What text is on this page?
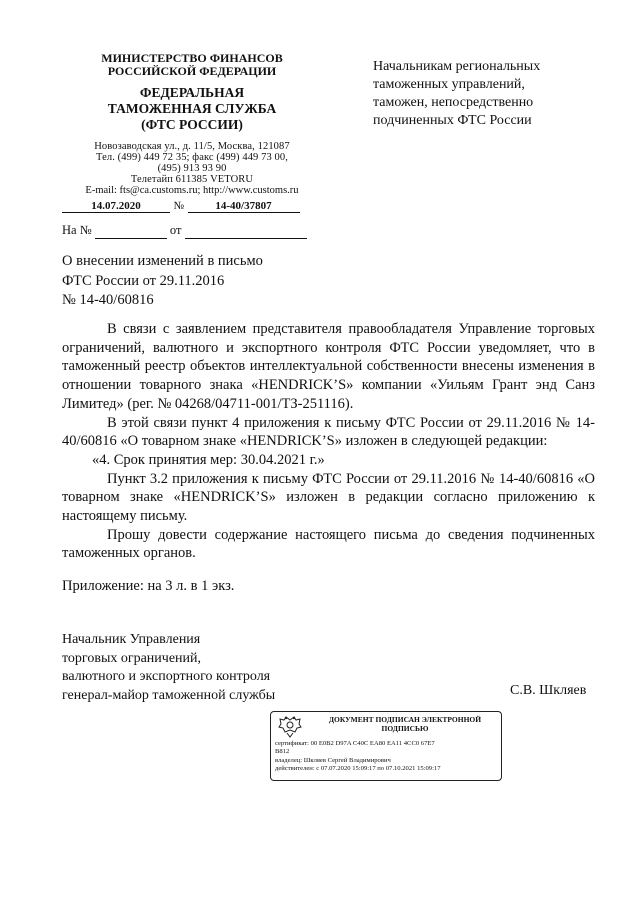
МИНИСТЕРСТВО ФИНАНСОВ
РОССИЙСКОЙ ФЕДЕРАЦИИ
ФЕДЕРАЛЬНАЯ
ТАМОЖЕННАЯ СЛУЖБА
(ФТС РОССИИ)
Новозаводская ул., д. 11/5, Москва, 121087
Тел. (499) 449 72 35; факс (499) 449 73 00,
(495) 913 93 90
Телетайп 611385 VETORU
E-mail: fts@ca.customs.ru; http://www.customs.ru
14.07.2020	№	14-40/37807
На №	от
Начальникам региональных
таможенных управлений,
таможен, непосредственно
подчиненных ФТС России
О внесении изменений в письмо
ФТС России от 29.11.2016
№ 14-40/60816

В связи с заявлением представителя правообладателя Управление торговых ограничений, валютного и экспортного контроля ФТС России уведомляет, что в таможенный реестр объектов интеллектуальной собственности внесены изменения в отношении товарного знака «HENDRICK’S» компании «Уильям Грант энд Санз Лимитед» (рег. № 04268/04711-001/ТЗ-251116).

В этой связи пункт 4 приложения к письму ФТС России от 29.11.2016 № 14-40/60816 «О товарном знаке «HENDRICK’S» изложен в следующей редакции:

«4. Срок принятия мер: 30.04.2021 г.»

Пункт 3.2 приложения к письму ФТС России от 29.11.2016 № 14-40/60816 «О товарном знаке «HENDRICK’S» изложен в редакции согласно приложению к настоящему письму.

Прошу довести содержание настоящего письма до сведения подчиненных таможенных органов.

Приложение: на 3 л. в 1 экз.
Начальник Управления
торговых ограничений,
валютного и экспортного контроля
генерал-майор таможенной службы	С.В. Шкляев
ДОКУМЕНТ ПОДПИСАН ЭЛЕКТРОННОЙ
ПОДПИСЬЮ
сертификат: 00 E0B2 D97A C40C EA80 EA11 4CC0 67E7
B812
владелец: Шкляев Сергей Владимирович
действителен: с 07.07.2020 15:09:17 по 07.10.2021 15:09:17
